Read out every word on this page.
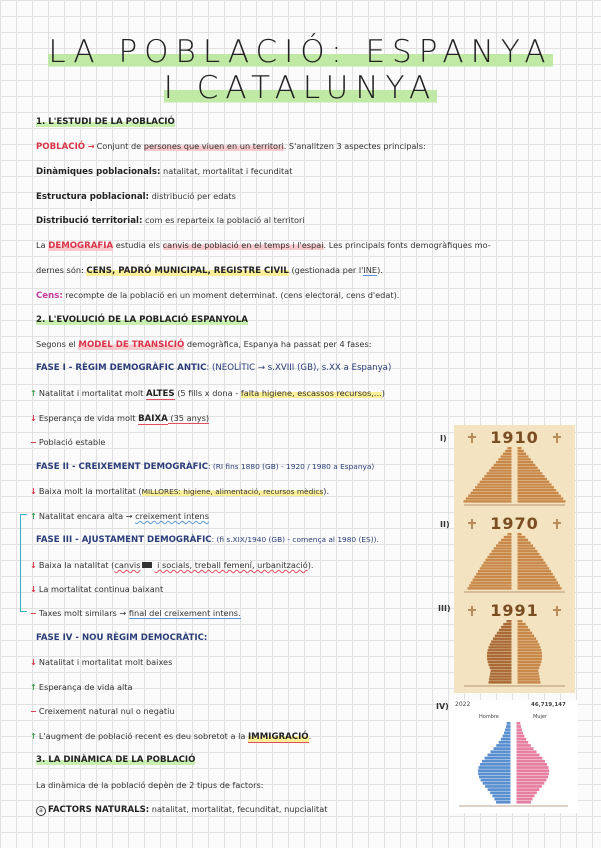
LA POBLACIÓ: ESPANYA
I CATALUNYA
1. L'ESTUDI DE LA POBLACIÓ
POBLACIÓ → Conjunt de persones que viuen en un territori. S'analitzen 3 aspectes principals:
Dinàmiques poblacionals: natalitat, mortalitat i fecunditat
Estructura poblacional: distribució per edats
Distribució territorial: com es reparteix la població al territori
La DEMOGRAFIA estudia els canvis de població en el temps i l'espai. Les principals fonts demogràfiques mo-
dernes són: CENS, PADRÓ MUNICIPAL, REGISTRE CIVIL (gestionada per l'INE).
Cens: recompte de la població en un moment determinat. (cens electoral, cens d'edat).
2. L'EVOLUCIÓ DE LA POBLACIÓ ESPANYOLA
Segons el MODEL DE TRANSICIÓ demogràfica, Espanya ha passat per 4 fases:
FASE I - RÈGIM DEMOGRÀFIC ANTIC: (NEOLÍTIC → s.XVIII (GB), s.XX a Espanya)
↑ Natalitat i mortalitat molt ALTES (5 fills x dona - falta higiene, escassos recursos,...)
↓ Esperança de vida molt BAIXA (35 anys)
− Població estable
FASE II - CREIXEMENT DEMOGRÀFIC: (RI fins 1880 (GB) - 1920 / 1980 a Espanya)
↓ Baixa molt la mortalitat (MILLORES: higiene, alimentació, recursos mèdics).
↑ Natalitat encara alta → creixement intens
FASE III - AJUSTAMENT DEMOGRÀFIC: (fi s.XIX/1940 (GB) - comença al 1980 (ES)).
↓ Baixa la natalitat (canvis i socials, treball femení, urbanització).
↓ La mortalitat continua baixant
− Taxes molt similars → final del creixement intens.
FASE IV - NOU RÈGIM DEMOCRÀTIC:
↓ Natalitat i mortalitat molt baixes
↑ Esperança de vida alta
− Creixement natural nul o negatiu
↑ L'augment de població recent es deu sobretot a la IMMIGRACIÓ.
3. LA DINÀMICA DE LA POBLACIÓ
La dinàmica de la població depèn de 2 tipus de factors:
a FACTORS NATURALS: natalitat, mortalitat, fecunditat, nupcialitat
I)
II)
III)
IV)
1910
1970
1991
2022	46,719,147
Hombre	Mujer
